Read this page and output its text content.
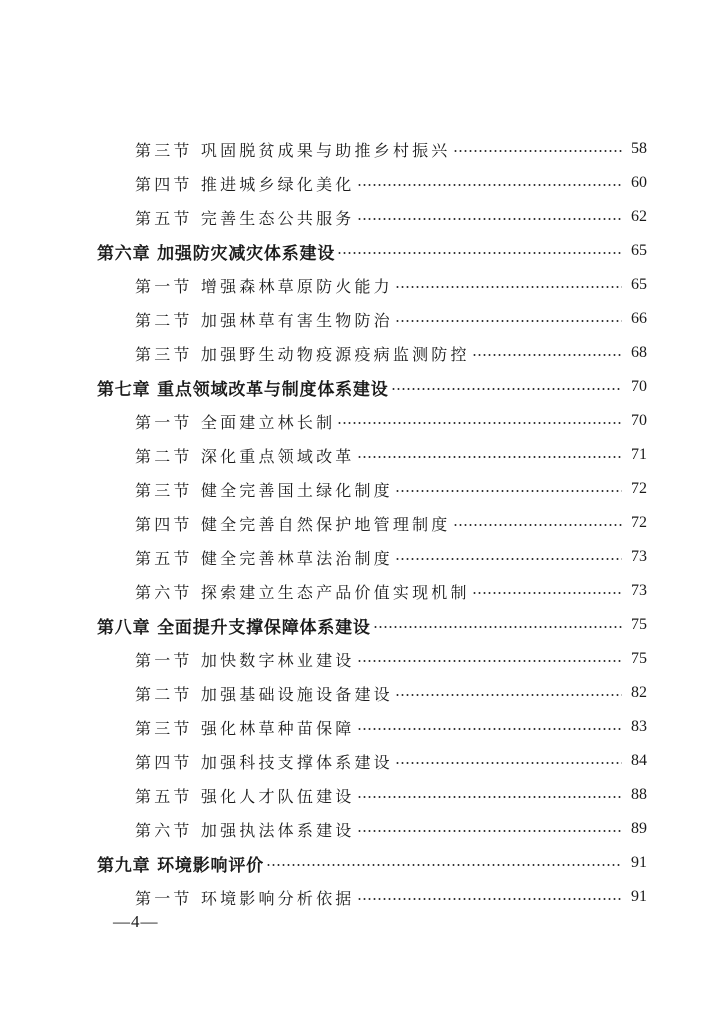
第三节 巩固脱贫成果与助推乡村振兴	58
第四节 推进城乡绿化美化	60
第五节 完善生态公共服务	62
第六章 加强防灾减灾体系建设	65
第一节 增强森林草原防火能力	65
第二节 加强林草有害生物防治	66
第三节 加强野生动物疫源疫病监测防控	68
第七章 重点领域改革与制度体系建设	70
第一节 全面建立林长制	70
第二节 深化重点领域改革	71
第三节 健全完善国土绿化制度	72
第四节 健全完善自然保护地管理制度	72
第五节 健全完善林草法治制度	73
第六节 探索建立生态产品价值实现机制	73
第八章 全面提升支撑保障体系建设	75
第一节 加快数字林业建设	75
第二节 加强基础设施设备建设	82
第三节 强化林草种苗保障	83
第四节 加强科技支撑体系建设	84
第五节 强化人才队伍建设	88
第六节 加强执法体系建设	89
第九章 环境影响评价	91
第一节 环境影响分析依据	91
—4—
